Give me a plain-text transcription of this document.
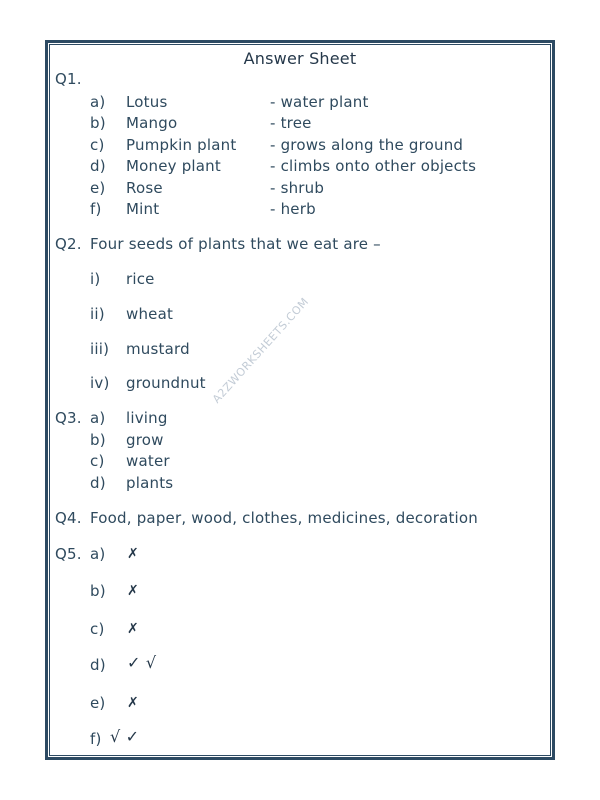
Answer Sheet
A2ZWORKSHEETS.COM
Q1.
a) Lotus	- water plant
b) Mango	- tree
c) Pumpkin plant - grows along the ground
d) Money plant	- climbs onto other objects
e) Rose	- shrub
f) Mint	- herb
Q2. Four seeds of plants that we eat are –
i) rice
ii) wheat
iii) mustard
iv) groundnut
Q3. a) living
b) grow
c) water
d) plants
Q4. Food, paper, wood, clothes, medicines, decoration
Q5. a) ✗
b) ✗
c) ✗
d) ✓ √
e) ✗
f) √ ✓
